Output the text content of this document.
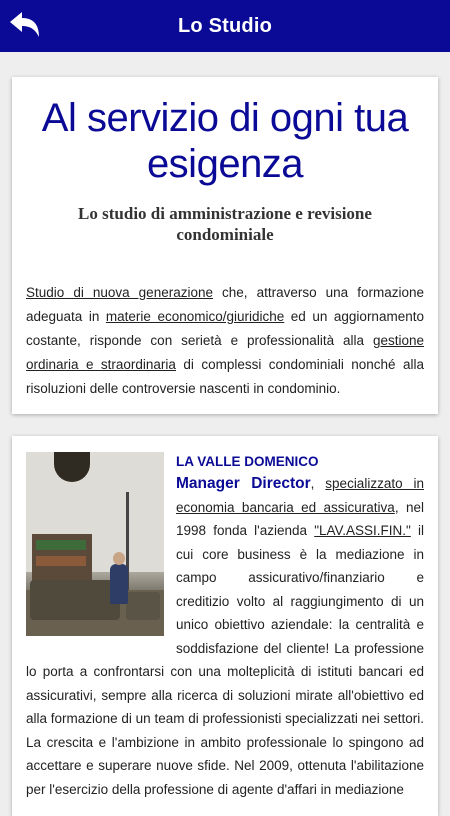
Lo Studio
Al servizio di ogni tua esigenza
Lo studio di amministrazione e revisione condominiale
Studio di nuova generazione che, attraverso una formazione adeguata in materie economico/giuridiche ed un aggiornamento costante, risponde con serietà e professionalità alla gestione ordinaria e straordinaria di complessi condominiali nonché alla risoluzioni delle controversie nascenti in condominio.
LA VALLE DOMENICO
Manager Director, specializzato in economia bancaria ed assicurativa, nel 1998 fonda l'azienda "LAV.ASSI.FIN." il cui core business è la mediazione in campo assicurativo/finanziario e creditizio volto al raggiungimento di un unico obiettivo aziendale: la centralità e soddisfazione del cliente! La professione lo porta a confrontarsi con una molteplicità di istituti bancari ed assicurativi, sempre alla ricerca di soluzioni mirate all'obiettivo ed alla formazione di un team di professionisti specializzati nei settori. La crescita e l'ambizione in ambito professionale lo spingono ad accettare e superare nuove sfide. Nel 2009, ottenuta l'abilitazione per l'esercizio della professione di agente d'affari in mediazione
